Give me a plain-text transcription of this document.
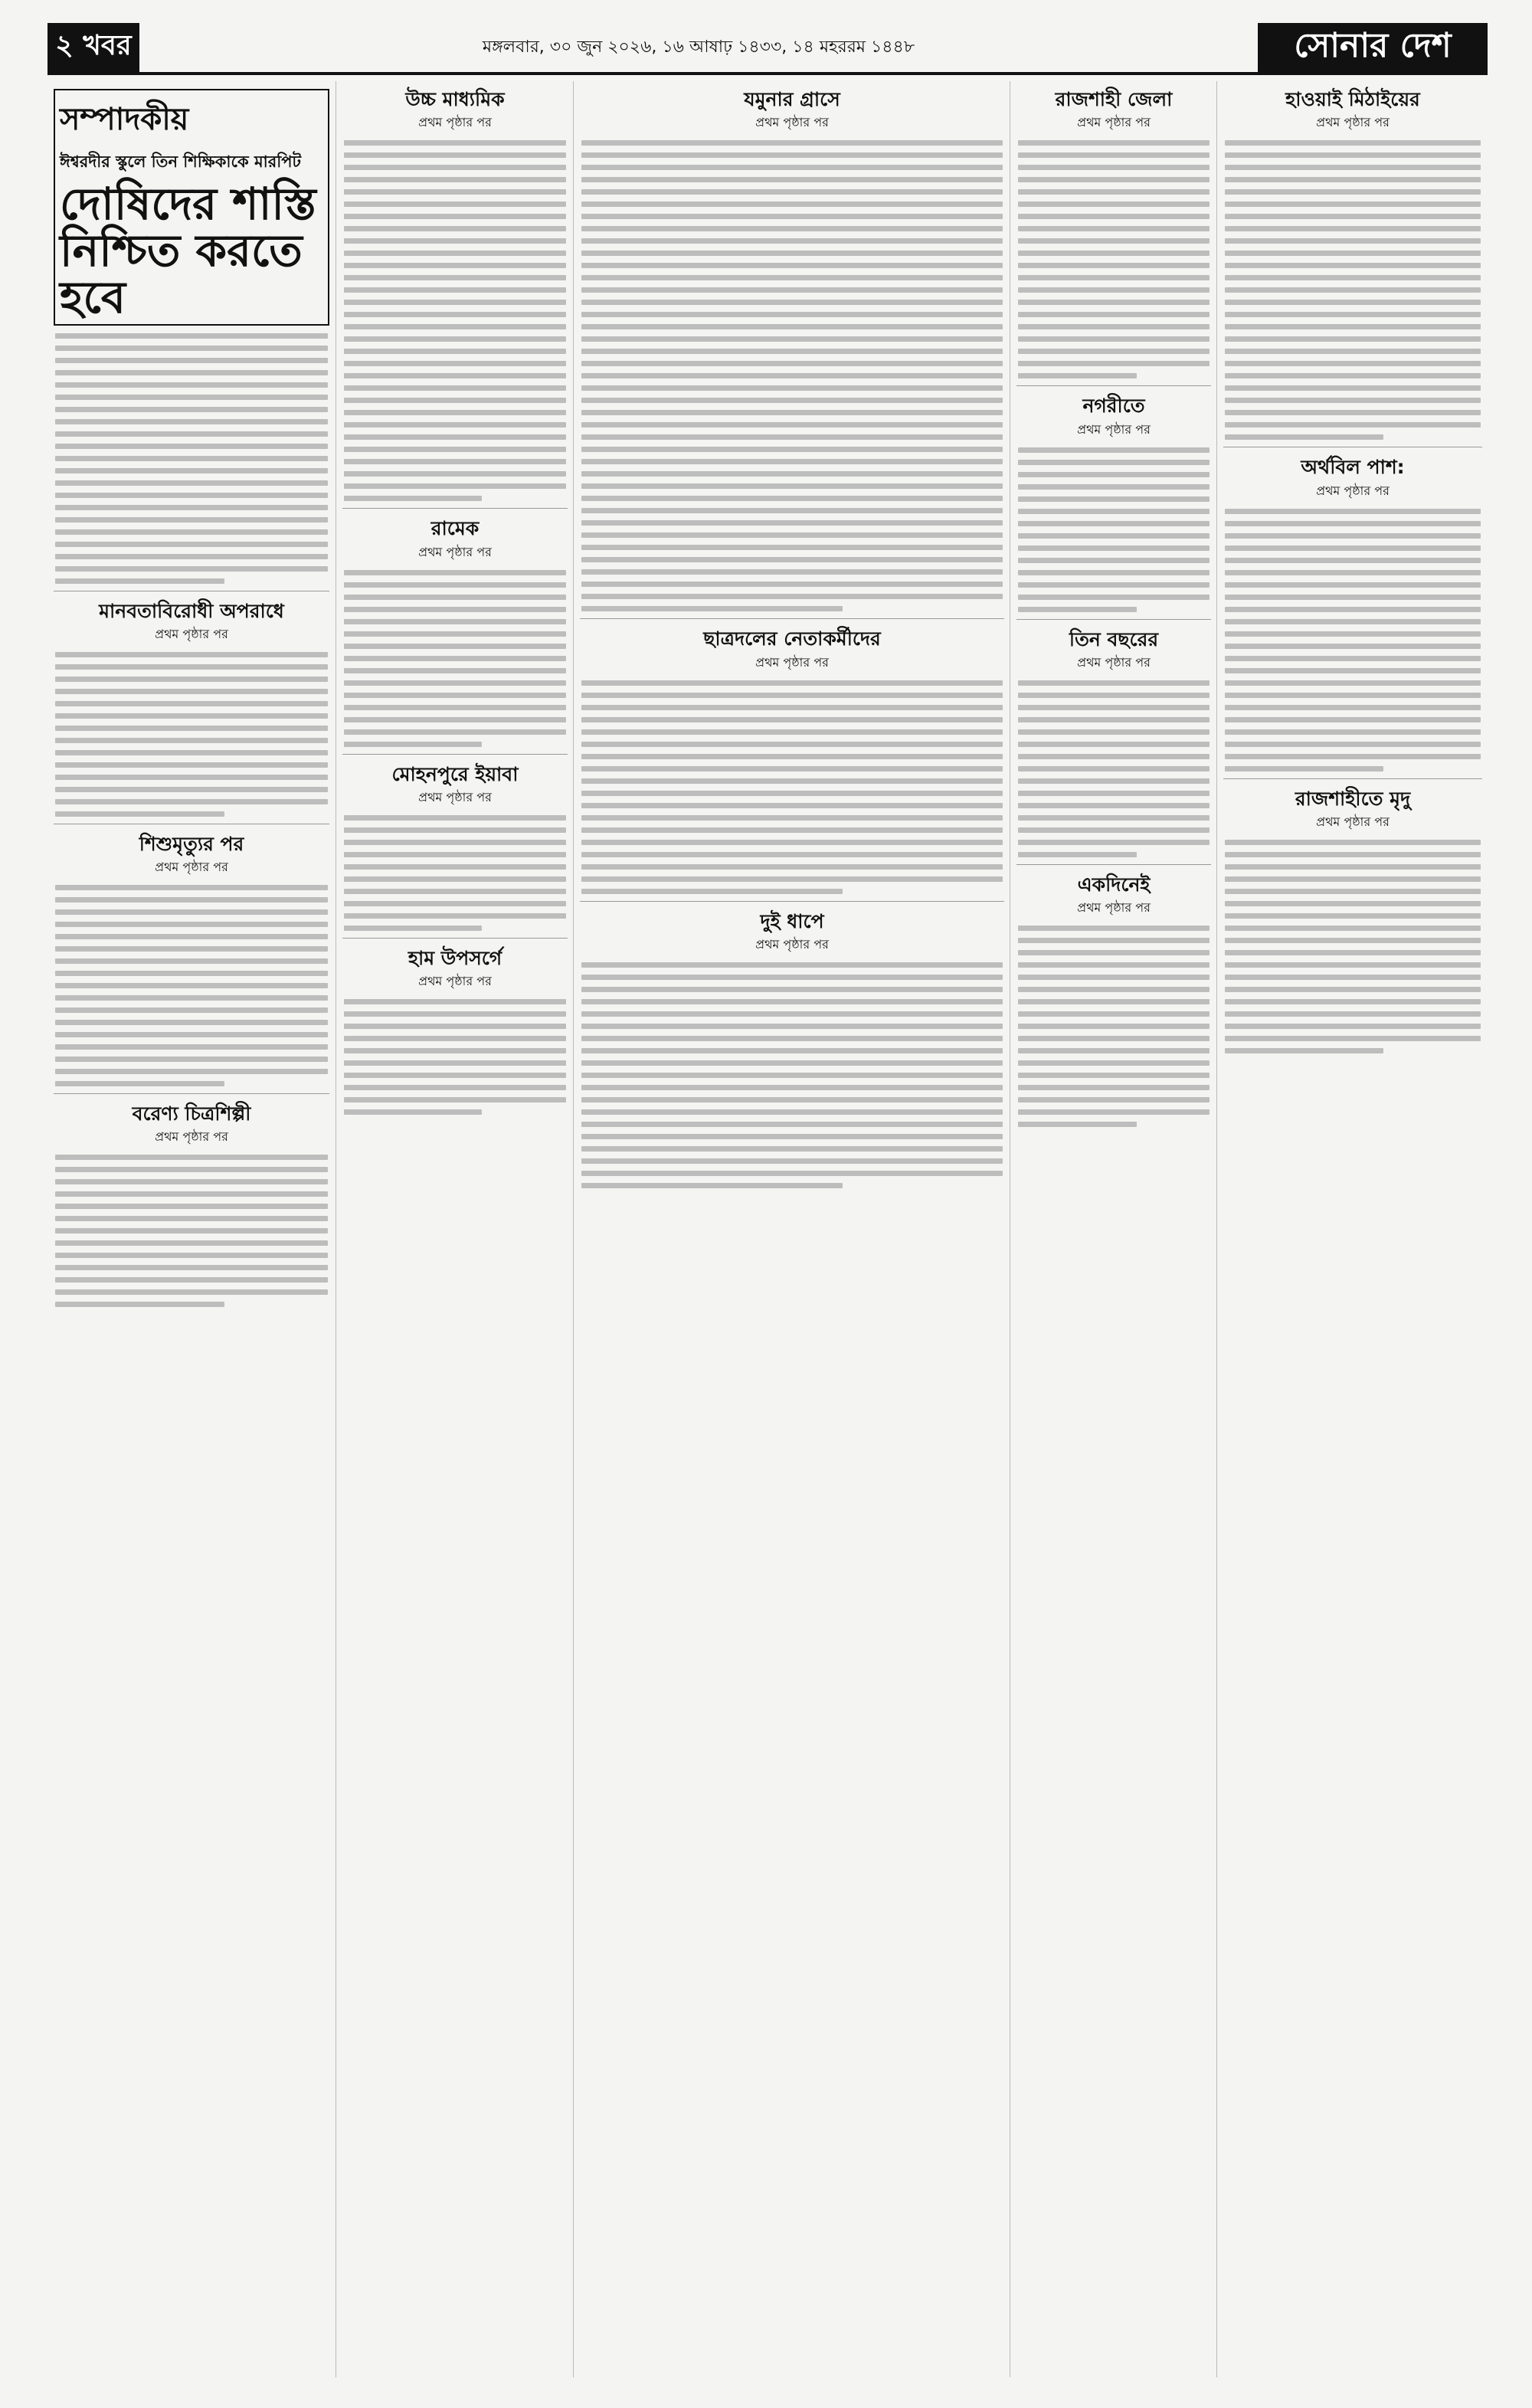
২ খবর	মঙ্গলবার, ৩০ জুন ২০২৬, ১৬ আষাঢ় ১৪৩৩, ১৪ মহররম ১৪৪৮	সোনার দেশ
সম্পাদকীয়
ঈশ্বরদীর স্কুলে তিন শিক্ষিকাকে মারপিট
দোষিদের শাস্তি নিশ্চিত করতে হবে
মানবতাবিরোধী অপরাধে
প্রথম পৃষ্ঠার পর
শিশুমৃত্যুর পর
প্রথম পৃষ্ঠার পর
বরেণ্য চিত্রশিল্পী
প্রথম পৃষ্ঠার পর
উচ্চ মাধ্যমিক
প্রথম পৃষ্ঠার পর
রামেক
প্রথম পৃষ্ঠার পর
মোহনপুরে ইয়াবা
প্রথম পৃষ্ঠার পর
হাম উপসর্গে
প্রথম পৃষ্ঠার পর
যমুনার গ্রাসে
প্রথম পৃষ্ঠার পর
ছাত্রদলের নেতাকর্মীদের
প্রথম পৃষ্ঠার পর
দুই ধাপে
প্রথম পৃষ্ঠার পর
রাজশাহী জেলা
প্রথম পৃষ্ঠার পর
নগরীতে
প্রথম পৃষ্ঠার পর
তিন বছরের
প্রথম পৃষ্ঠার পর
একদিনেই
প্রথম পৃষ্ঠার পর
হাওয়াই মিঠাইয়ের
প্রথম পৃষ্ঠার পর
অর্থবিল পাশ:
প্রথম পৃষ্ঠার পর
রাজশাহীতে মৃদু
প্রথম পৃষ্ঠার পর
